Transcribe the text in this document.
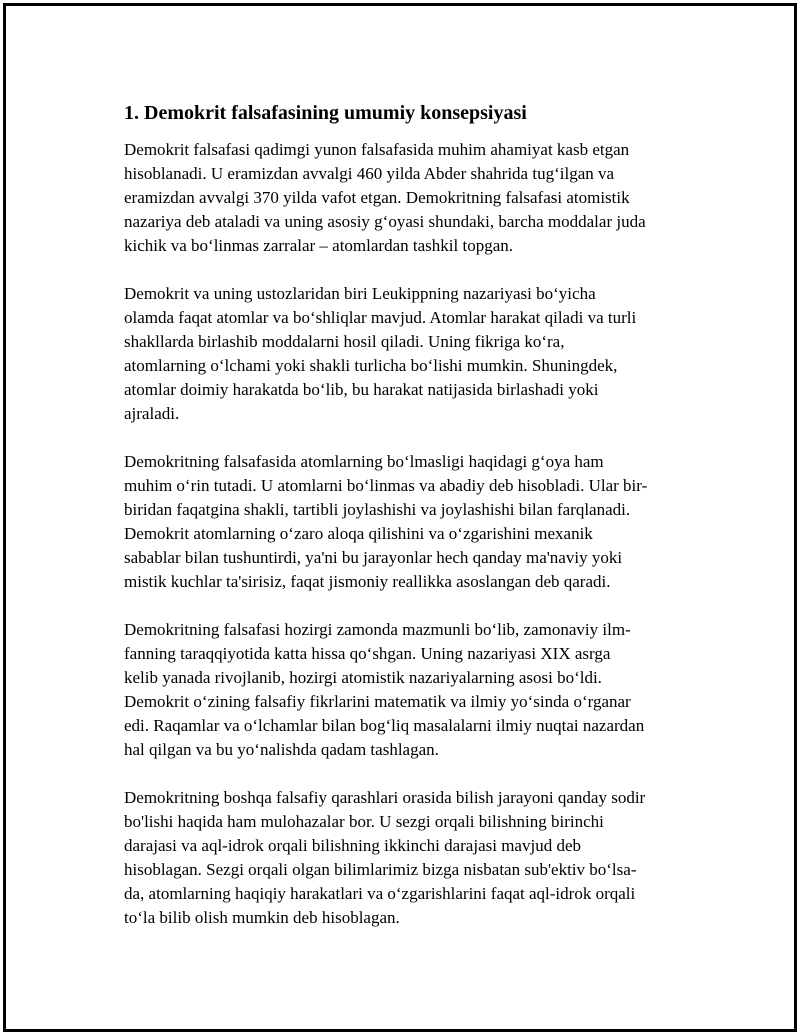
1. Demokrit falsafasining umumiy konsepsiyasi

Demokrit falsafasi qadimgi yunon falsafasida muhim ahamiyat kasb etgan
hisoblanadi. U eramizdan avvalgi 460 yilda Abder shahrida tug‘ilgan va
eramizdan avvalgi 370 yilda vafot etgan. Demokritning falsafasi atomistik
nazariya deb ataladi va uning asosiy g‘oyasi shundaki, barcha moddalar juda
kichik va bo‘linmas zarralar – atomlardan tashkil topgan.

Demokrit va uning ustozlaridan biri Leukippning nazariyasi bo‘yicha
olamda faqat atomlar va bo‘shliqlar mavjud. Atomlar harakat qiladi va turli
shakllarda birlashib moddalarni hosil qiladi. Uning fikriga ko‘ra,
atomlarning o‘lchami yoki shakli turlicha bo‘lishi mumkin. Shuningdek,
atomlar doimiy harakatda bo‘lib, bu harakat natijasida birlashadi yoki
ajraladi.

Demokritning falsafasida atomlarning bo‘lmasligi haqidagi g‘oya ham
muhim o‘rin tutadi. U atomlarni bo‘linmas va abadiy deb hisobladi. Ular bir-
biridan faqatgina shakli, tartibli joylashishi va joylashishi bilan farqlanadi.
Demokrit atomlarning o‘zaro aloqa qilishini va o‘zgarishini mexanik
sabablar bilan tushuntirdi, ya'ni bu jarayonlar hech qanday ma'naviy yoki
mistik kuchlar ta'sirisiz, faqat jismoniy reallikka asoslangan deb qaradi.

Demokritning falsafasi hozirgi zamonda mazmunli bo‘lib, zamonaviy ilm-
fanning taraqqiyotida katta hissa qo‘shgan. Uning nazariyasi XIX asrga
kelib yanada rivojlanib, hozirgi atomistik nazariyalarning asosi bo‘ldi.
Demokrit o‘zining falsafiy fikrlarini matematik va ilmiy yo‘sinda o‘rganar
edi. Raqamlar va o‘lchamlar bilan bog‘liq masalalarni ilmiy nuqtai nazardan
hal qilgan va bu yo‘nalishda qadam tashlagan.

Demokritning boshqa falsafiy qarashlari orasida bilish jarayoni qanday sodir
bo'lishi haqida ham mulohazalar bor. U sezgi orqali bilishning birinchi
darajasi va aql-idrok orqali bilishning ikkinchi darajasi mavjud deb
hisoblagan. Sezgi orqali olgan bilimlarimiz bizga nisbatan sub'ektiv bo‘lsa-
da, atomlarning haqiqiy harakatlari va o‘zgarishlarini faqat aql-idrok orqali
to‘la bilib olish mumkin deb hisoblagan.
